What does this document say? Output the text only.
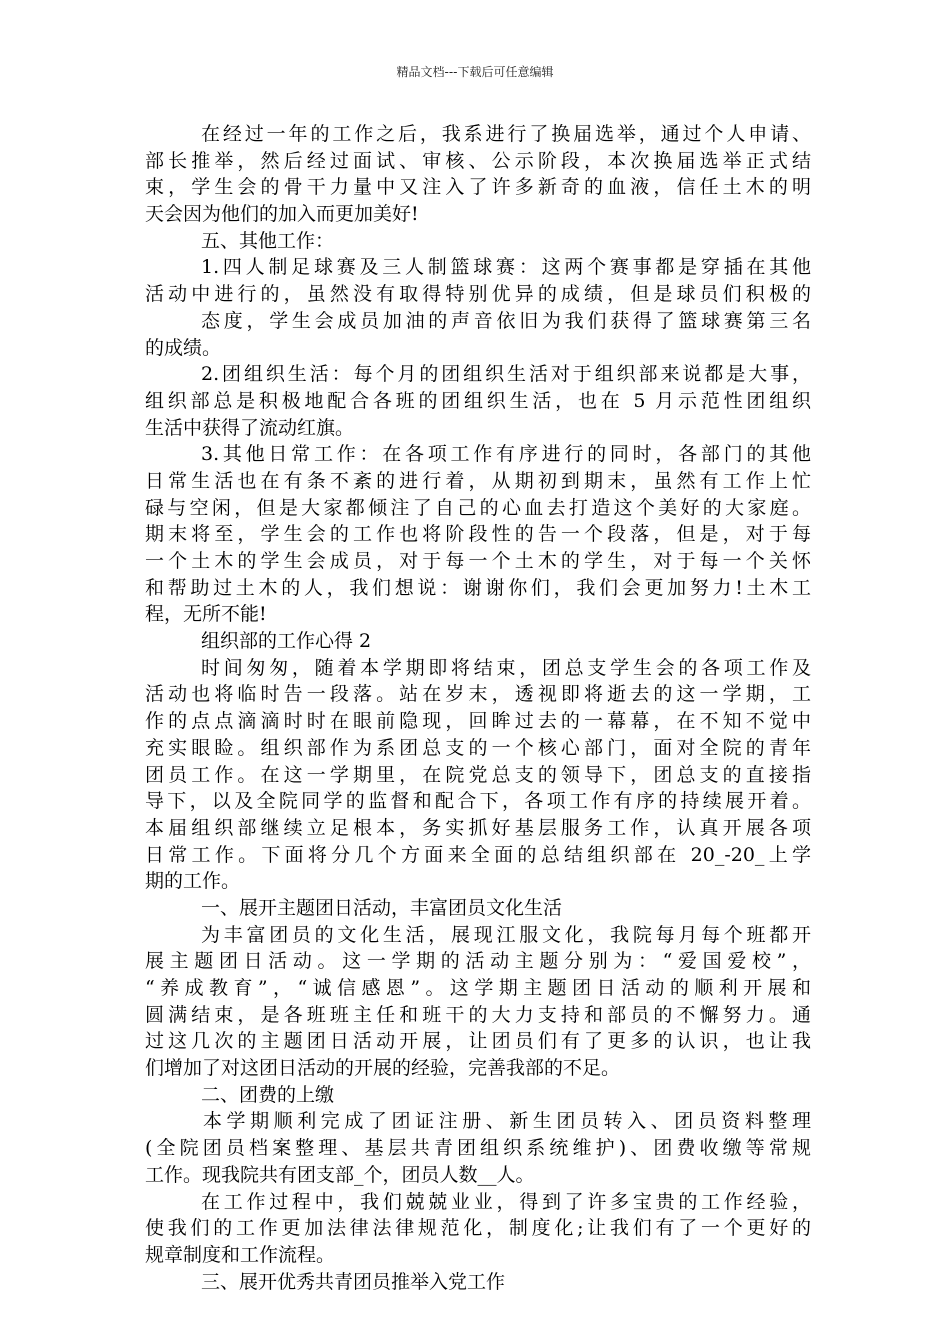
精品文档---下载后可任意编辑
在经过一年的工作之后，我系进行了换届选举，通过个人申请、
部长推举，然后经过面试、审核、公示阶段，本次换届选举正式结
束，学生会的骨干力量中又注入了许多新奇的血液，信任土木的明
天会因为他们的加入而更加美好!
五、其他工作：
1.四人制足球赛及三人制篮球赛：这两个赛事都是穿插在其他
活动中进行的，虽然没有取得特别优异的成绩，但是球员们积极的
态度，学生会成员加油的声音依旧为我们获得了篮球赛第三名
的成绩。
2.团组织生活：每个月的团组织生活对于组织部来说都是大事，
组织部总是积极地配合各班的团组织生活，也在 5 月示范性团组织
生活中获得了流动红旗。
3.其他日常工作：在各项工作有序进行的同时，各部门的其他
日常生活也在有条不紊的进行着，从期初到期末，虽然有工作上忙
碌与空闲，但是大家都倾注了自己的心血去打造这个美好的大家庭。
期末将至，学生会的工作也将阶段性的告一个段落，但是，对于每
一个土木的学生会成员，对于每一个土木的学生，对于每一个关怀
和帮助过土木的人，我们想说：谢谢你们，我们会更加努力!土木工
程，无所不能!
组织部的工作心得 2
时间匆匆，随着本学期即将结束，团总支学生会的各项工作及
活动也将临时告一段落。站在岁末，透视即将逝去的这一学期，工
作的点点滴滴时时在眼前隐现，回眸过去的一幕幕，在不知不觉中
充实眼睑。组织部作为系团总支的一个核心部门，面对全院的青年
团员工作。在这一学期里，在院党总支的领导下，团总支的直接指
导下，以及全院同学的监督和配合下，各项工作有序的持续展开着。
本届组织部继续立足根本，务实抓好基层服务工作，认真开展各项
日常工作。下面将分几个方面来全面的总结组织部在 20_-20_上学
期的工作。
一、展开主题团日活动，丰富团员文化生活
为丰富团员的文化生活，展现江服文化，我院每月每个班都开
展主题团日活动。这一学期的活动主题分别为：“爱国爱校”，
“养成教育”，“诚信感恩”。这学期主题团日活动的顺利开展和
圆满结束，是各班班主任和班干的大力支持和部员的不懈努力。通
过这几次的主题团日活动开展，让团员们有了更多的认识，也让我
们增加了对这团日活动的开展的经验，完善我部的不足。
二、团费的上缴
本学期顺利完成了团证注册、新生团员转入、团员资料整理
(全院团员档案整理、基层共青团组织系统维护)、团费收缴等常规
工作。现我院共有团支部_个，团员人数__人。
在工作过程中，我们兢兢业业，得到了许多宝贵的工作经验，
使我们的工作更加法律法律规范化，制度化;让我们有了一个更好的
规章制度和工作流程。
三、展开优秀共青团员推举入党工作
